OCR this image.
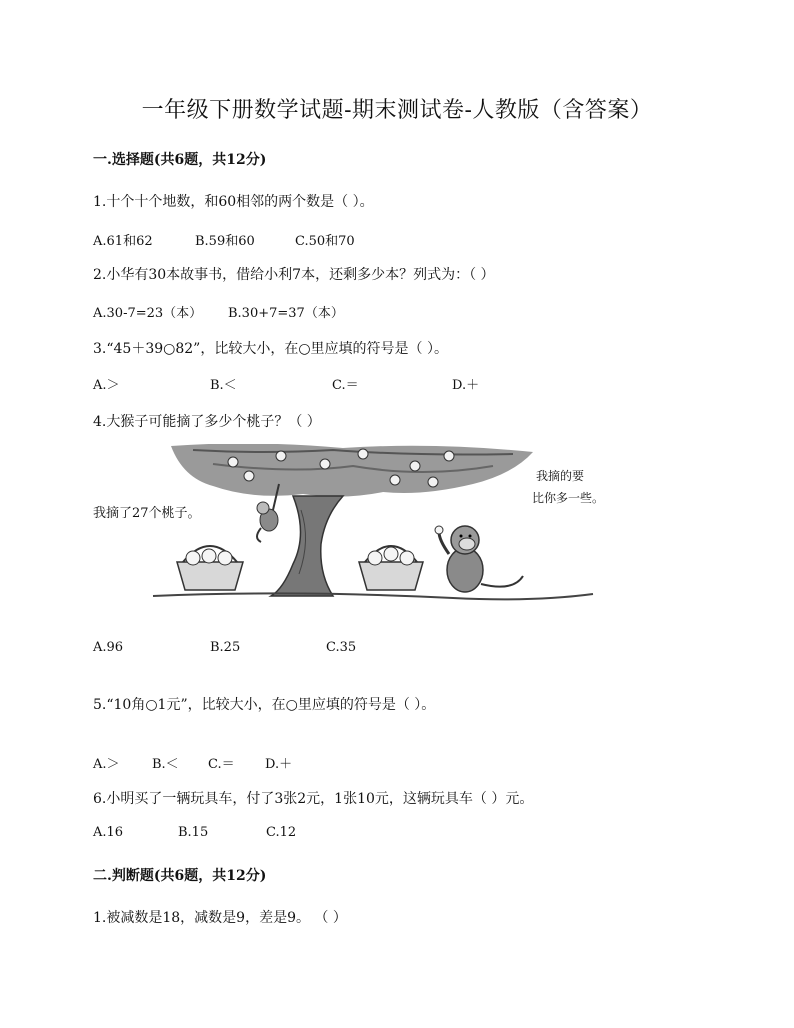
一年级下册数学试题-期末测试卷-人教版（含答案）
一.选择题(共6题，共12分)
1.十个十个地数，和60相邻的两个数是（ ）。
A.61和62	B.59和60	C.50和70
2.小华有30本故事书，借给小利7本，还剩多少本？列式为：（ ）
A.30-7=23（本） B.30+7=37（本）
3.“45＋39○82”，比较大小，在○里应填的符号是（ ）。
A.＞	B.＜	C.＝	D.＋
4.大猴子可能摘了多少个桃子？（ ）
我摘了27个桃子。
我摘的要
比你多一些。
A.96	B.25	C.35
5.“10角○1元”，比较大小，在○里应填的符号是（ ）。
A.＞ B.＜ C.＝ D.＋
6.小明买了一辆玩具车，付了3张2元，1张10元，这辆玩具车（ ）元。
A.16	B.15	C.12
二.判断题(共6题，共12分)
1.被减数是18，减数是9，差是9。 （ ）
